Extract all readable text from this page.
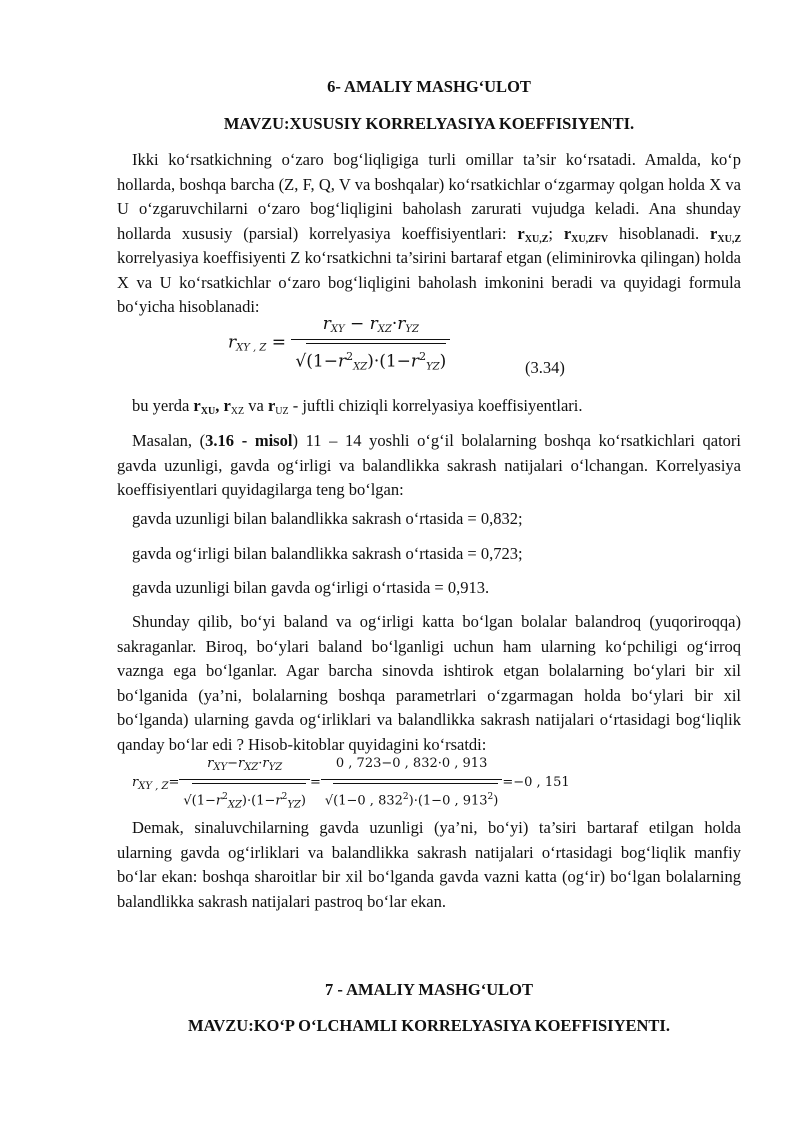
6- AMALIY MASHG‘ULOT

MAVZU:XUSUSIY KORRELYASIYA KOEFFISIYENTI.

Ikki ko‘rsatkichning o‘zaro bog‘liqligiga turli omillar ta’sir ko‘rsatadi. Amalda, ko‘p hollarda, boshqa barcha (Z, F, Q, V va boshqalar) ko‘rsatkichlar o‘zgarmay qolgan holda X va U o‘zgaruvchilarni o‘zaro bog‘liqligini baholash zarurati vujudga keladi. Ana shunday hollarda xususiy (parsial) korrelyasiya koeffisiyentlari: $r_{XU,Z}$; $r_{XU,ZFV}$ hisoblanadi. $r_{XU,Z}$ korrelyasiya koeffisiyenti Z ko‘rsatkichni ta’sirini bartaraf etgan (eliminirovka qilingan) holda X va U ko‘rsatkichlar o‘zaro bog‘liqligini baholash imkonini beradi va quyidagi formula bo‘yicha hisoblanadi:

$r_{XY , Z} = \frac{r_{XY} - r_{XZ}\cdot r_{YZ}}{√(1-r^2_{XZ})\cdot(1-r^2_{YZ})}$	(3.34)

bu yerda $r_{XU}$, $r_{XZ}$ va $r_{UZ}$ - juftli chiziqli korrelyasiya koeffisiyentlari.

Masalan, (3.16 - misol) 11 – 14 yoshli o‘g‘il bolalarning boshqa ko‘rsatkichlari qatori gavda uzunligi, gavda og‘irligi va balandlikka sakrash natijalari o‘lchangan. Korrelyasiya koeffisiyentlari quyidagilarga teng bo‘lgan:

gavda uzunligi bilan balandlikka sakrash o‘rtasida = 0,832;

gavda og‘irligi bilan balandlikka sakrash o‘rtasida = 0,723;

gavda uzunligi bilan gavda og‘irligi o‘rtasida = 0,913.

Shunday qilib, bo‘yi baland va og‘irligi katta bo‘lgan bolalar balandroq (yuqoriroqqa) sakraganlar. Biroq, bo‘ylari baland bo‘lganligi uchun ham ularning ko‘pchiligi og‘irroq vaznga ega bo‘lganlar. Agar barcha sinovda ishtirok etgan bolalarning bo‘ylari bir xil bo‘lganida (ya’ni, bolalarning boshqa parametrlari o‘zgarmagan holda bo‘ylari bir xil bo‘lganda) ularning gavda og‘irliklari va balandlikka sakrash natijalari o‘rtasidagi bog‘liqlik qanday bo‘lar edi ? Hisob-kitoblar quyidagini ko‘rsatdi:

$r_{XY , Z}= \frac{r_{XY}-r_{XZ}\cdot r_{YZ}}{√(1-r^2_{XZ})\cdot(1-r^2_{YZ})} = \frac{0 , 723-0 , 832\cdot 0 , 913}{√(1-0 , 832^2)\cdot(1-0 , 913^2)} =-0$ , 151

Demak, sinaluvchilarning gavda uzunligi (ya’ni, bo‘yi) ta’siri bartaraf etilgan holda ularning gavda og‘irliklari va balandlikka sakrash natijalari o‘rtasidagi bog‘liqlik manfiy bo‘lar ekan: boshqa sharoitlar bir xil bo‘lganda gavda vazni katta (og‘ir) bo‘lgan bolalarning balandlikka sakrash natijalari pastroq bo‘lar ekan.

7 - AMALIY MASHG‘ULOT

MAVZU:KO‘P O‘LCHAMLI KORRELYASIYA KOEFFISIYENTI.
